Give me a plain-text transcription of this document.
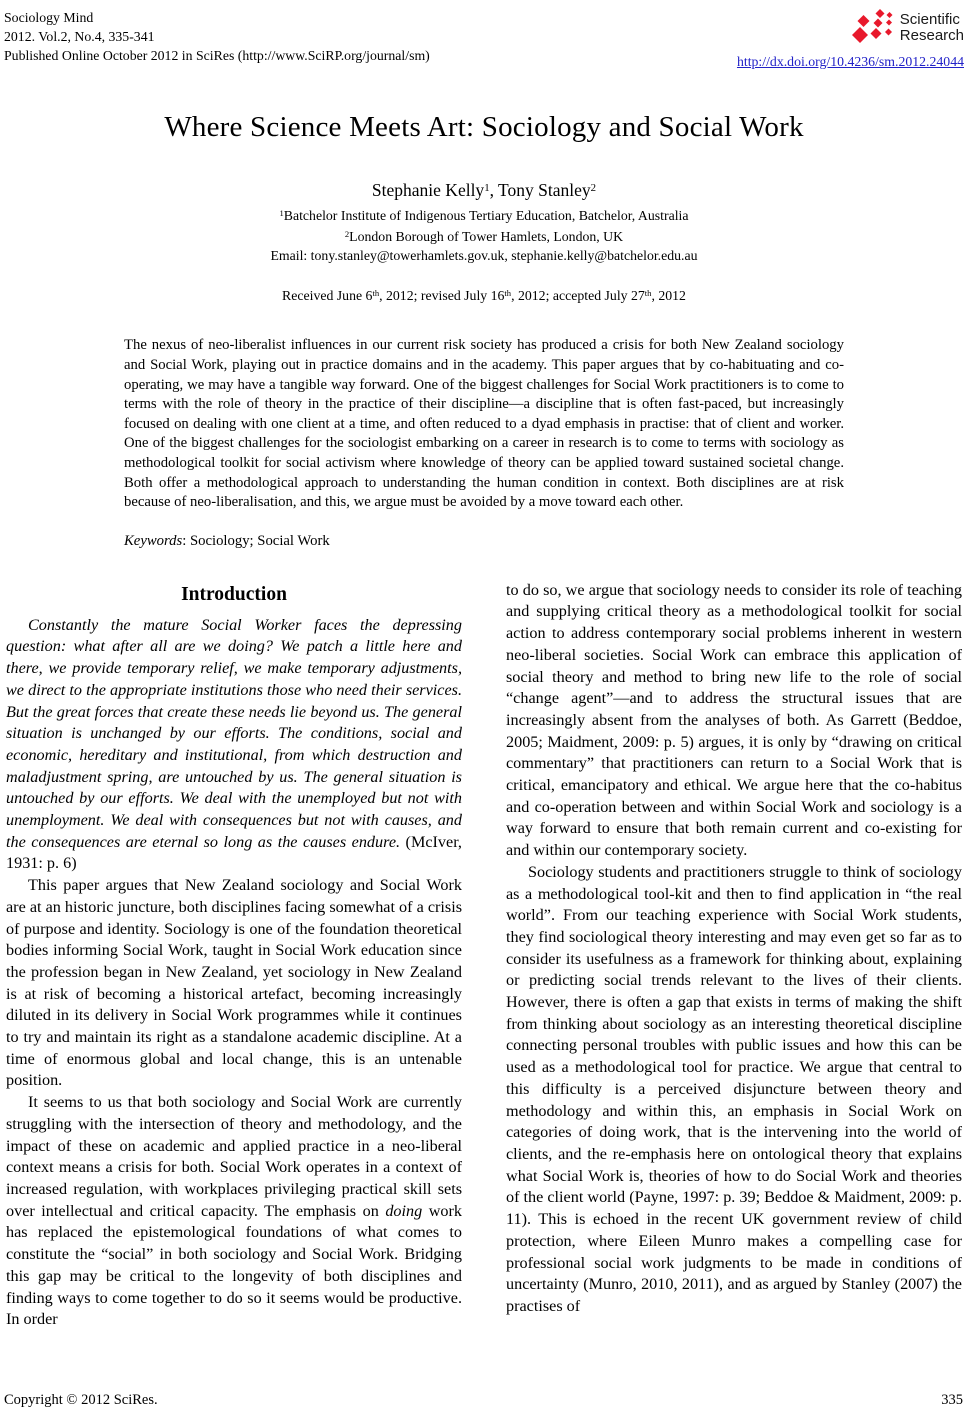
Sociology Mind
2012. Vol.2, No.4, 335-341
Published Online October 2012 in SciRes (http://www.SciRP.org/journal/sm)
Scientific
Research
http://dx.doi.org/10.4236/sm.2012.24044
Where Science Meets Art: Sociology and Social Work
Stephanie Kelly$^1$, Tony Stanley$^2$
$^1$Batchelor Institute of Indigenous Tertiary Education, Batchelor, Australia
$^2$London Borough of Tower Hamlets, London, UK
Email: tony.stanley@towerhamlets.gov.uk, stephanie.kelly@batchelor.edu.au
Received June 6th, 2012; revised July 16th, 2012; accepted July 27th, 2012
The nexus of neo-liberalist influences in our current risk society has produced a crisis for both New Zealand sociology and Social Work, playing out in practice domains and in the academy. This paper argues that by co-habituating and co-operating, we may have a tangible way forward. One of the biggest challenges for Social Work practitioners is to come to terms with the role of theory in the practice of their discipline—a discipline that is often fast-paced, but increasingly focused on dealing with one client at a time, and often reduced to a dyad emphasis in practise: that of client and worker. One of the biggest challenges for the sociologist embarking on a career in research is to come to terms with sociology as methodological toolkit for social activism where knowledge of theory can be applied toward sustained societal change. Both offer a methodological approach to understanding the human condition in context. Both disciplines are at risk because of neo-liberalisation, and this, we argue must be avoided by a move toward each other.
Keywords: Sociology; Social Work
Introduction

Constantly the mature Social Worker faces the depressing question: what after all are we doing? We patch a little here and there, we provide temporary relief, we make temporary adjustments, we direct to the appropriate institutions those who need their services. But the great forces that create these needs lie beyond us. The general situation is unchanged by our efforts. The conditions, social and economic, hereditary and institutional, from which destruction and maladjustment spring, are untouched by us. The general situation is untouched by our efforts. We deal with the unemployed but not with unemployment. We deal with consequences but not with causes, and the consequences are eternal so long as the causes endure. (McIver, 1931: p. 6)

This paper argues that New Zealand sociology and Social Work are at an historic juncture, both disciplines facing somewhat of a crisis of purpose and identity. Sociology is one of the foundation theoretical bodies informing Social Work, taught in Social Work education since the profession began in New Zealand, yet sociology in New Zealand is at risk of becoming a historical artefact, becoming increasingly diluted in its delivery in Social Work programmes while it continues to try and maintain its right as a standalone academic discipline. At a time of enormous global and local change, this is an untenable position.

It seems to us that both sociology and Social Work are currently struggling with the intersection of theory and methodology, and the impact of these on academic and applied practice in a neo-liberal context means a crisis for both. Social Work operates in a context of increased regulation, with workplaces privileging practical skill sets over intellectual and critical capacity. The emphasis on doing work has replaced the epistemological foundations of what comes to constitute the “social” in both sociology and Social Work. Bridging this gap may be critical to the longevity of both disciplines and finding ways to come together to do so it seems would be productive. In order

to do so, we argue that sociology needs to consider its role of teaching and supplying critical theory as a methodological toolkit for social action to address contemporary social problems inherent in western neo-liberal societies. Social Work can embrace this application of social theory and method to bring new life to the role of social “change agent”—and to address the structural issues that are increasingly absent from the analyses of both. As Garrett (Beddoe, 2005; Maidment, 2009: p. 5) argues, it is only by “drawing on critical commentary” that practitioners can return to a Social Work that is critical, emancipatory and ethical. We argue here that the co-habitus and co-operation between and within Social Work and sociology is a way forward to ensure that both remain current and co-existing for and within our contemporary society.

Sociology students and practitioners struggle to think of sociology as a methodological tool-kit and then to find application in “the real world”. From our teaching experience with Social Work students, they find sociological theory interesting and may even get so far as to consider its usefulness as a framework for thinking about, explaining or predicting social trends relevant to the lives of their clients. However, there is often a gap that exists in terms of making the shift from thinking about sociology as an interesting theoretical discipline connecting personal troubles with public issues and how this can be used as a methodological tool for practice. We argue that central to this difficulty is a perceived disjuncture between theory and methodology and within this, an emphasis in Social Work on categories of doing work, that is the intervening into the world of clients, and the re-emphasis here on ontological theory that explains what Social Work is, theories of how to do Social Work and theories of the client world (Payne, 1997: p. 39; Beddoe & Maidment, 2009: p. 11). This is echoed in the recent UK government review of child protection, where Eileen Munro makes a compelling case for professional social work judgments to be made in conditions of uncertainty (Munro, 2010, 2011), and as argued by Stanley (2007) the practises of

Copyright © 2012 SciRes.	335
